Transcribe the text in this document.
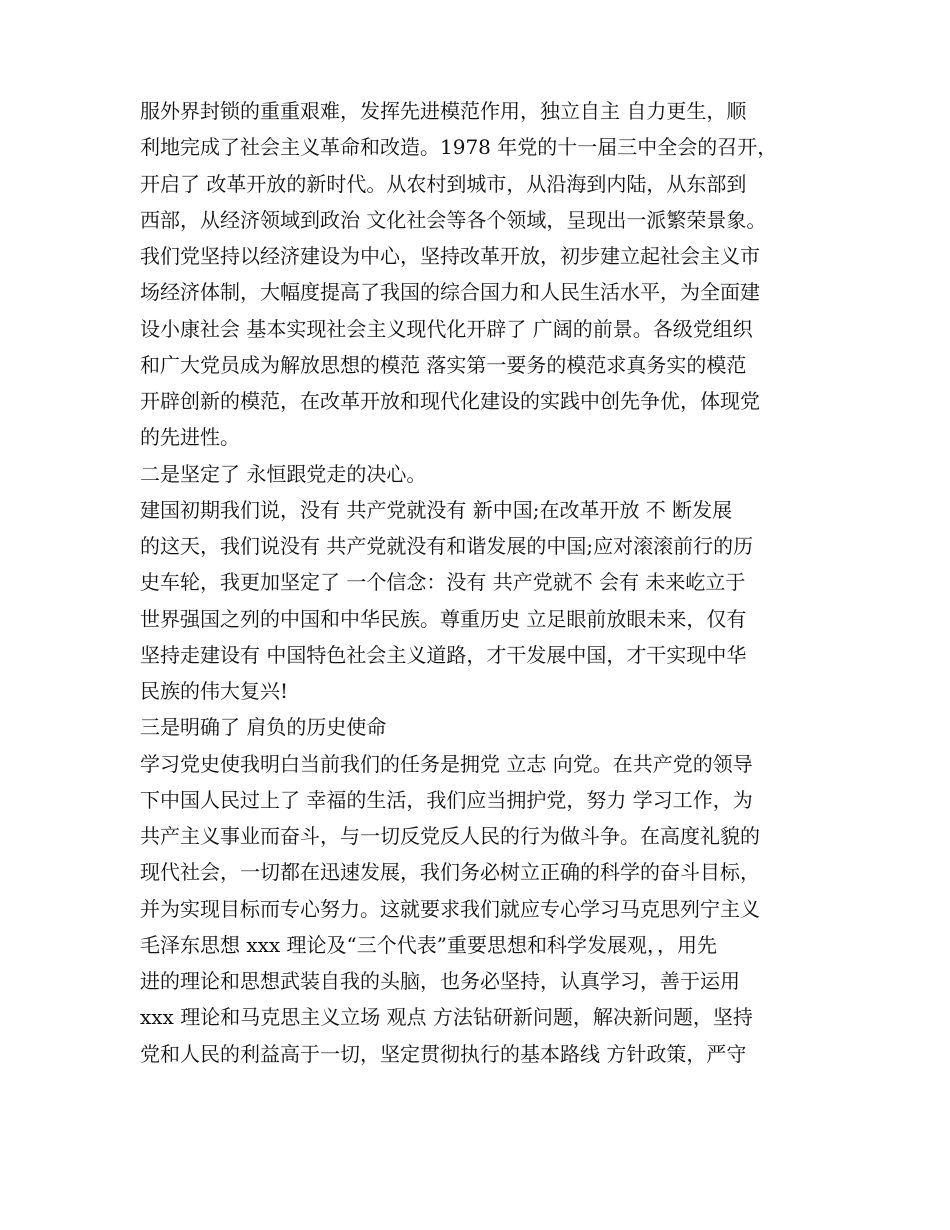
服外界封锁的重重艰难，发挥先进模范作用，独立自主 自力更生，顺
利地完成了社会主义革命和改造。1978 年党的十一届三中全会的召开，
开启了 改革开放的新时代。从农村到城市，从沿海到内陆，从东部到
西部，从经济领域到政治 文化社会等各个领域，呈现出一派繁荣景象。
我们党坚持以经济建设为中心，坚持改革开放，初步建立起社会主义市
场经济体制，大幅度提高了我国的综合国力和人民生活水平，为全面建
设小康社会 基本实现社会主义现代化开辟了 广阔的前景。各级党组织
和广大党员成为解放思想的模范 落实第一要务的模范求真务实的模范
开辟创新的模范，在改革开放和现代化建设的实践中创先争优，体现党
的先进性。
二是坚定了 永恒跟党走的决心。
建国初期我们说，没有 共产党就没有 新中国;在改革开放 不 断发展
的这天，我们说没有 共产党就没有和谐发展的中国;应对滚滚前行的历
史车轮，我更加坚定了 一个信念：没有 共产党就不 会有 未来屹立于
世界强国之列的中国和中华民族。尊重历史 立足眼前放眼未来，仅有
坚持走建设有 中国特色社会主义道路，才干发展中国，才干实现中华
民族的伟大复兴!
三是明确了 肩负的历史使命
学习党史使我明白当前我们的任务是拥党 立志 向党。在共产党的领导
下中国人民过上了 幸福的生活，我们应当拥护党，努力 学习工作，为
共产主义事业而奋斗，与一切反党反人民的行为做斗争。在高度礼貌的
现代社会，一切都在迅速发展，我们务必树立正确的科学的奋斗目标，
并为实现目标而专心努力。这就要求我们就应专心学习马克思列宁主义
毛泽东思想 xxx 理论及“三个代表”重要思想和科学发展观，，用先
进的理论和思想武装自我的头脑，也务必坚持，认真学习，善于运用
xxx 理论和马克思主义立场 观点 方法钻研新问题，解决新问题，坚持
党和人民的利益高于一切，坚定贯彻执行的基本路线 方针政策，严守
